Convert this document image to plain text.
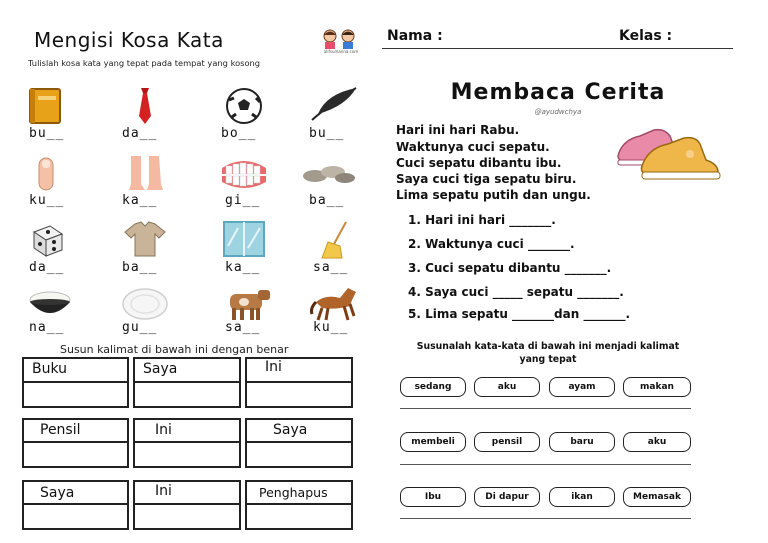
Mengisi Kosa Kata	alifsumanna.com
Tulislah kosa kata yang tepat pada tempat yang kosong
bu__	da__	bo__	bu__
ku__	ka__	gi__	ba__
da__	ba__	ka__	sa__
na__	gu__	sa__	ku__
Susun kalimat di bawah ini dengan benar
Buku	Saya	Ini
Pensil	Ini	Saya
Saya	Ini	Penghapus
Nama :	Kelas :
Membaca Cerita
@ayudwchya
Hari ini hari Rabu.
Waktunya cuci sepatu.
Cuci sepatu dibantu ibu.
Saya cuci tiga sepatu biru.
Lima sepatu putih dan ungu.
1. Hari ini hari _______.
2. Waktunya cuci _______.
3. Cuci sepatu dibantu _______.
4. Saya cuci _____ sepatu _______.
5. Lima sepatu _______dan _______.
Susunalah kata-kata di bawah ini menjadi kalimat
yang tepat
sedang	aku	ayam	makan
membeli	pensil	baru	aku
Ibu	Di dapur	ikan	Memasak
